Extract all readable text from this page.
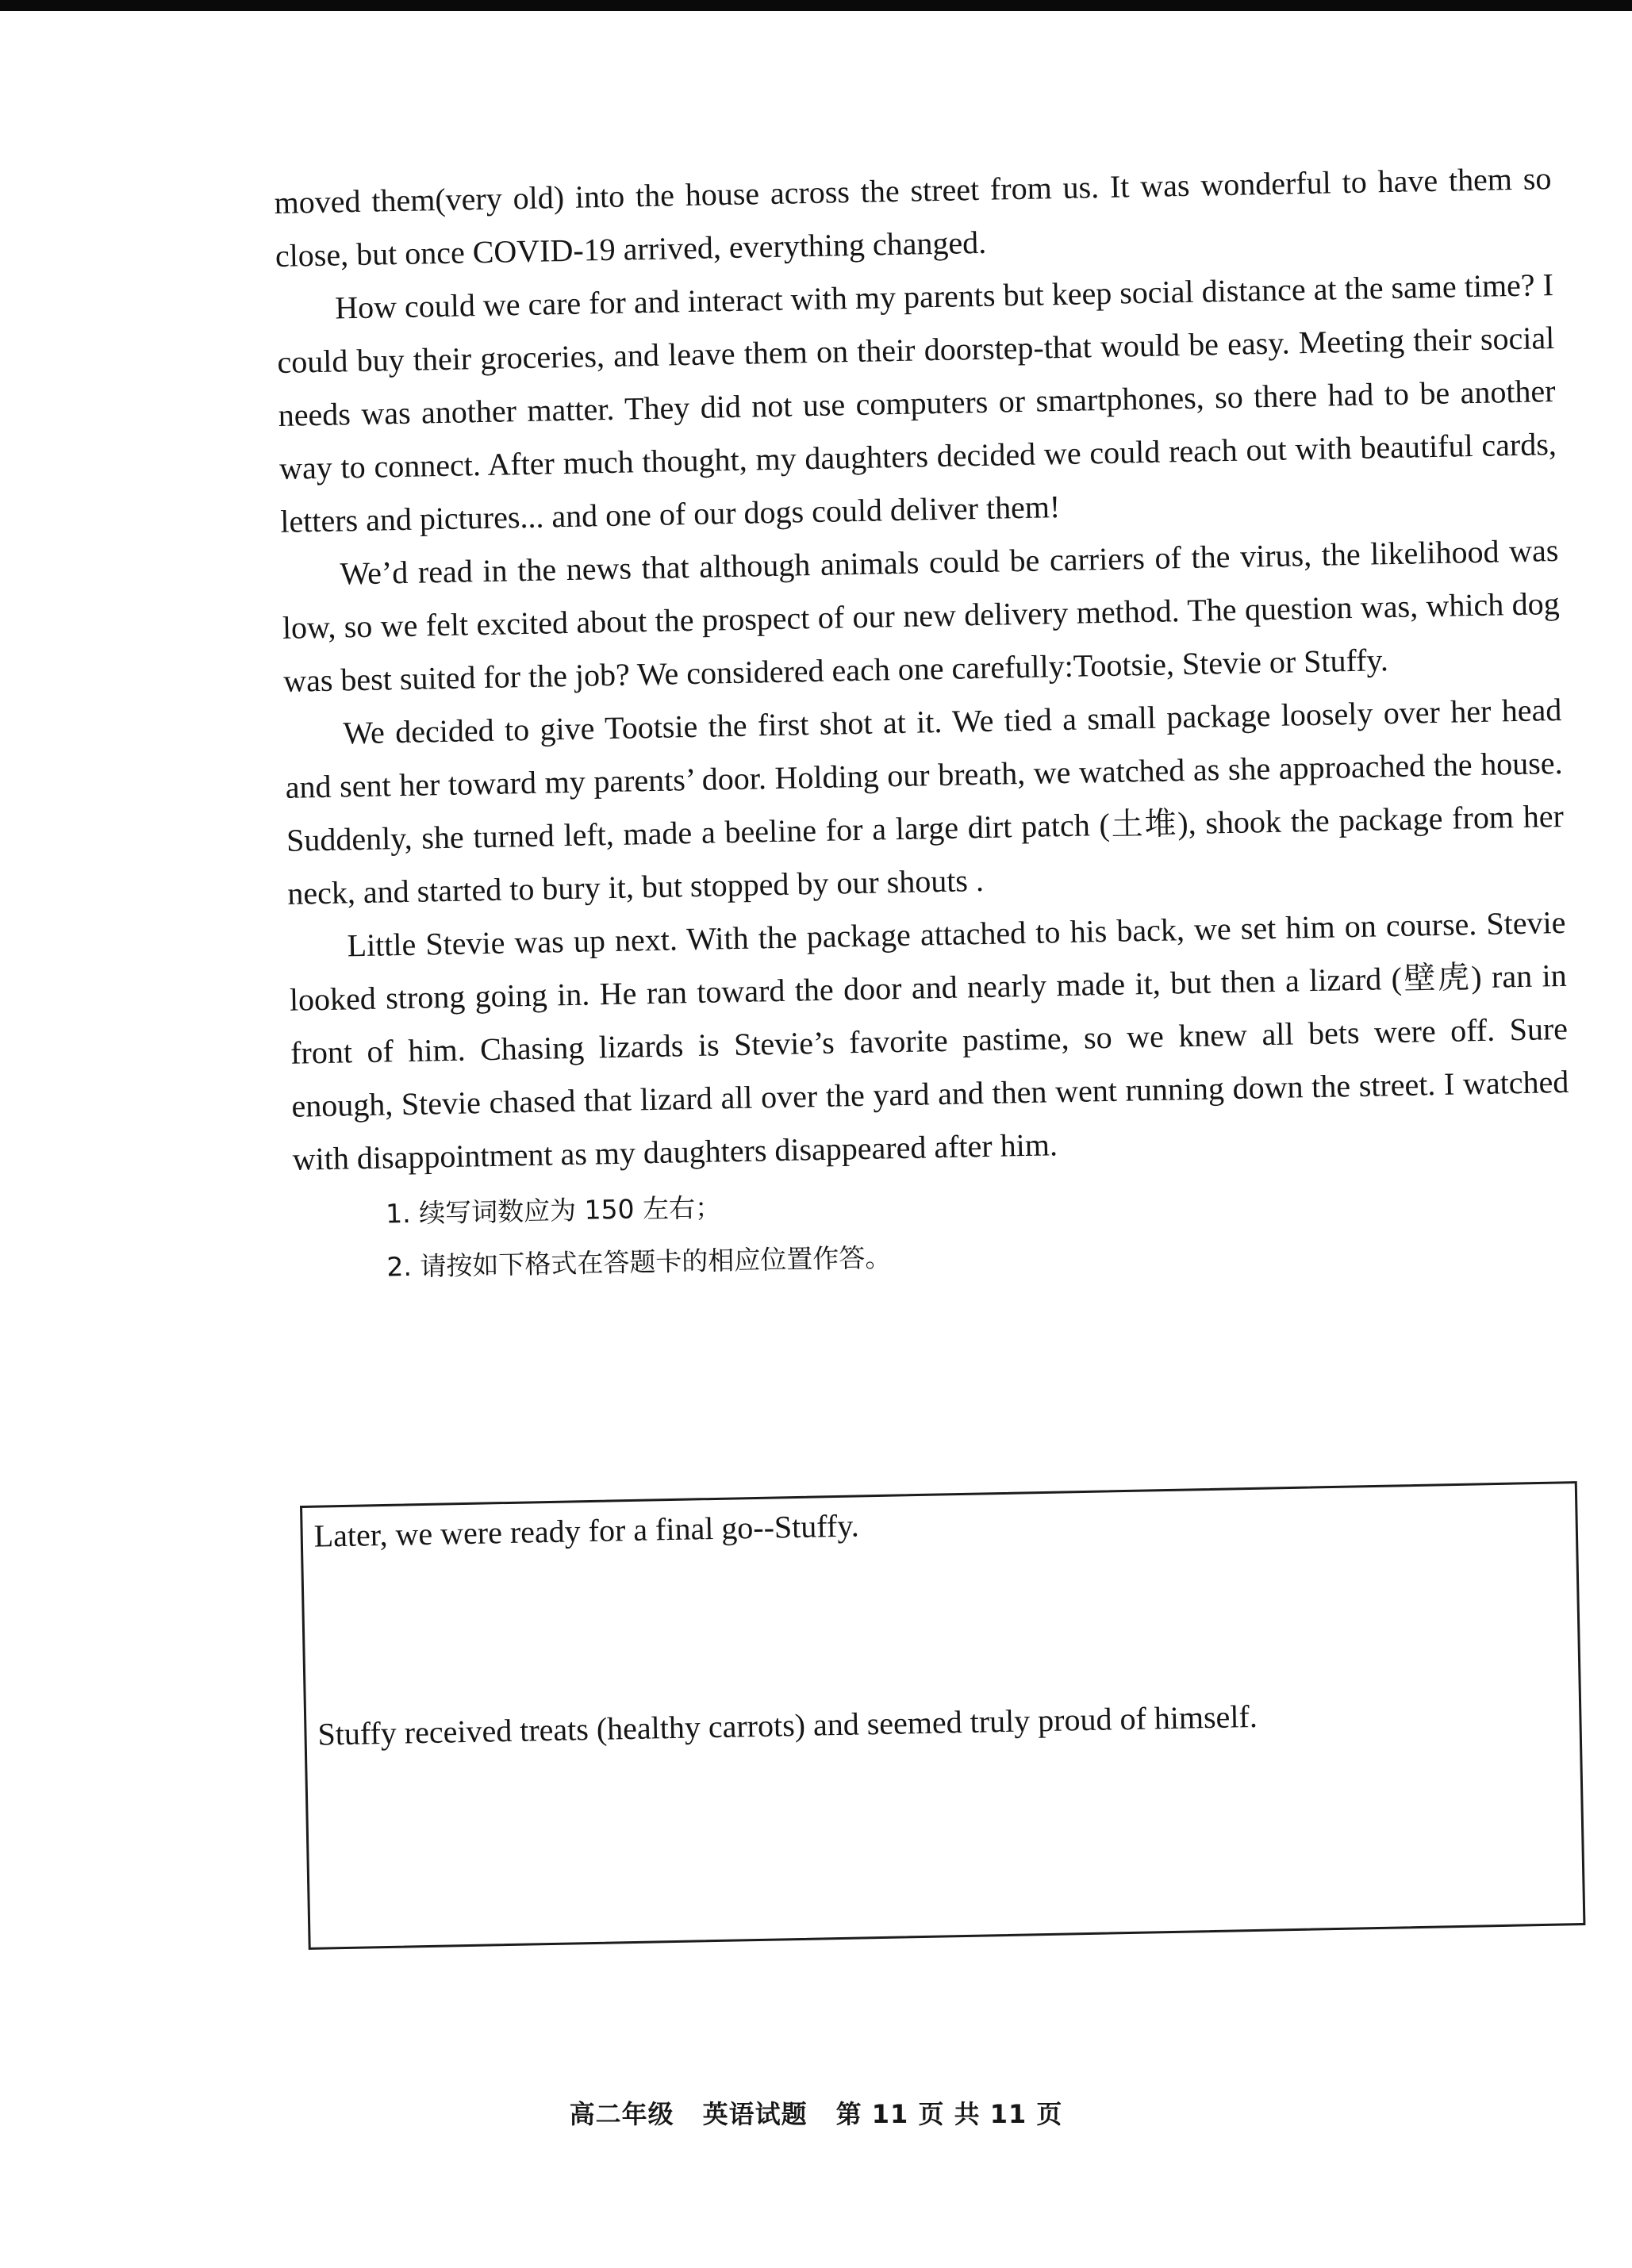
moved them(very old) into the house across the street from us. It was wonderful to have them so close, but once COVID-19 arrived, everything changed.

How could we care for and interact with my parents but keep social distance at the same time? I could buy their groceries, and leave them on their doorstep-that would be easy. Meeting their social needs was another matter. They did not use computers or smartphones, so there had to be another way to connect. After much thought, my daughters decided we could reach out with beautiful cards, letters and pictures... and one of our dogs could deliver them!

We’d read in the news that although animals could be carriers of the virus, the likelihood was low, so we felt excited about the prospect of our new delivery method. The question was, which dog was best suited for the job? We considered each one carefully:Tootsie, Stevie or Stuffy.

We decided to give Tootsie the first shot at it. We tied a small package loosely over her head and sent her toward my parents’ door. Holding our breath, we watched as she approached the house. Suddenly, she turned left, made a beeline for a large dirt patch (土堆), shook the package from her neck, and started to bury it, but stopped by our shouts .

Little Stevie was up next. With the package attached to his back, we set him on course. Stevie looked strong going in. He ran toward the door and nearly made it, but then a lizard (壁虎) ran in front of him. Chasing lizards is Stevie’s favorite pastime, so we knew all bets were off. Sure enough, Stevie chased that lizard all over the yard and then went running down the street. I watched with disappointment as my daughters disappeared after him.

1. 续写词数应为 150 左右；
2. 请按如下格式在答题卡的相应位置作答。
Later, we were ready for a final go--Stuffy.
Stuffy received treats (healthy carrots) and seemed truly proud of himself.
高二年级 英语试题 第 11 页 共 11 页
